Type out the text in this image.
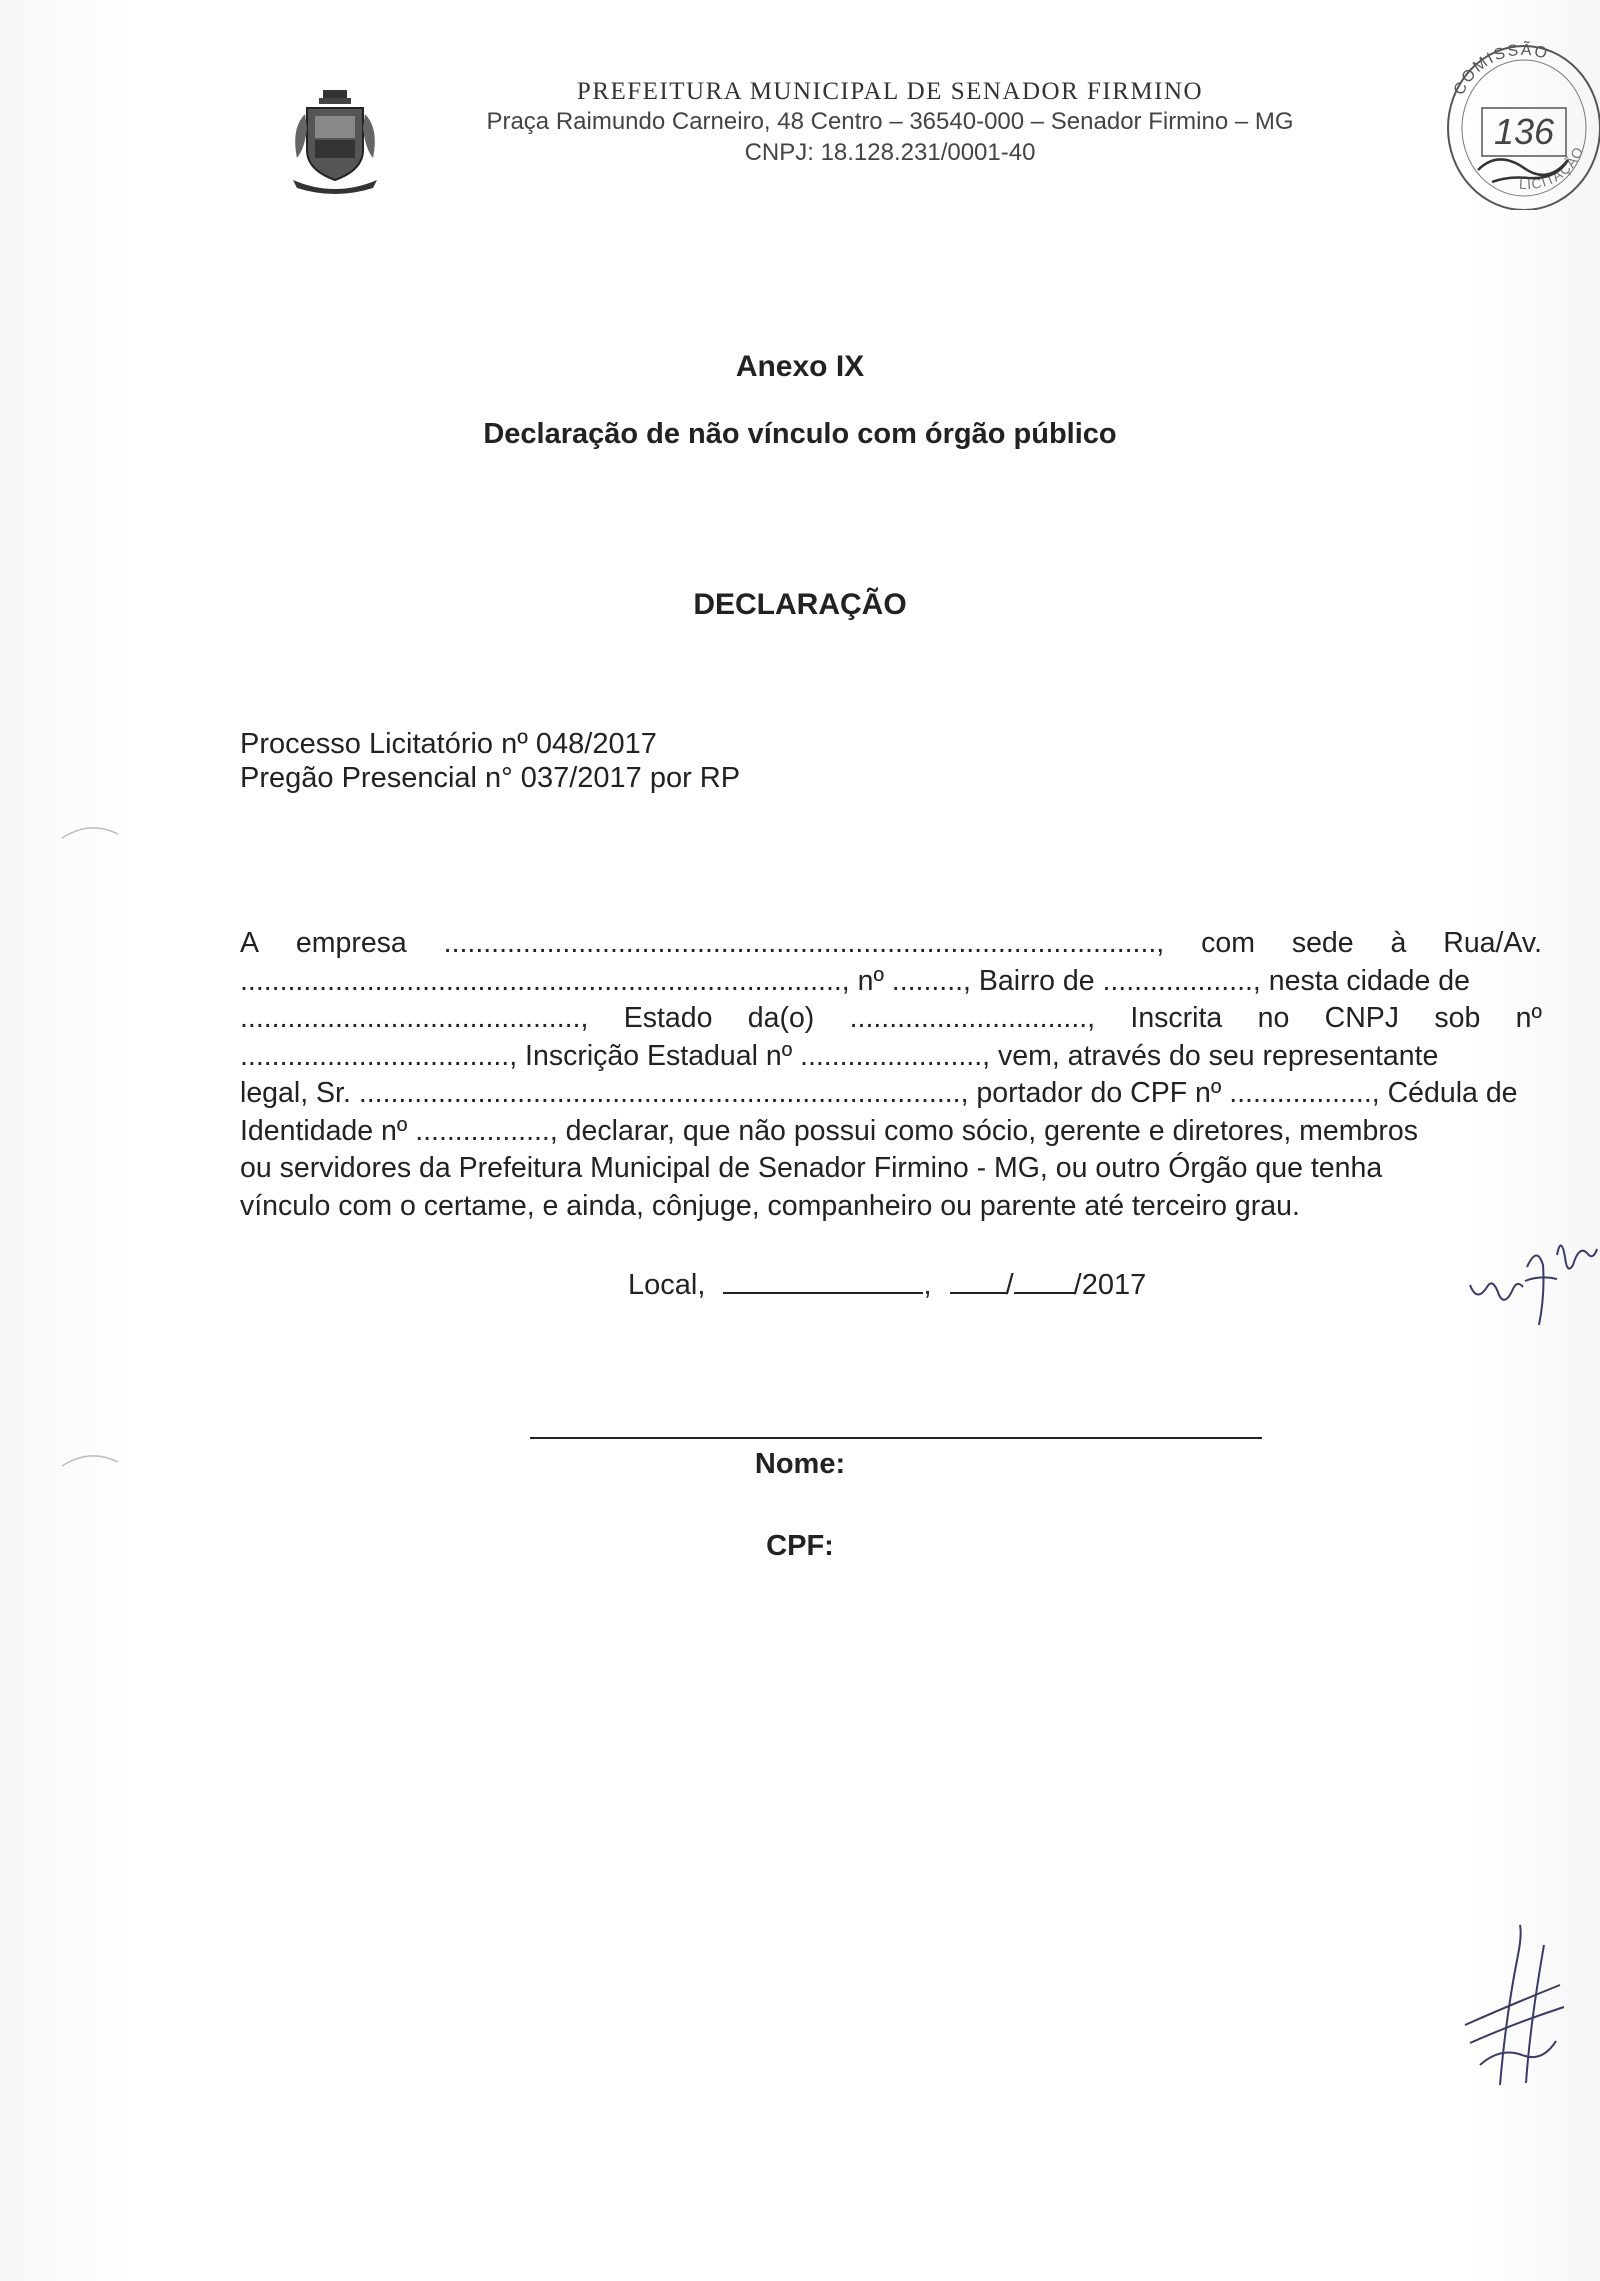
PREFEITURA MUNICIPAL DE SENADOR FIRMINO
Praça Raimundo Carneiro, 48 Centro – 36540-000 – Senador Firmino – MG
CNPJ: 18.128.231/0001-40
COMISSÃO
LICITAÇÃO
136
Anexo IX
Declaração de não vínculo com órgão público
DECLARAÇÃO
Processo Licitatório nº 048/2017
Pregão Presencial n° 037/2017 por RP
A empresa .........................................................................................., com sede à Rua/Av.
............................................................................, nº ........., Bairro de ..................., nesta cidade de
..........................................., Estado da(o) .............................., Inscrita no CNPJ sob nº
.................................., Inscrição Estadual nº ......................., vem, através do seu representante
legal, Sr. ............................................................................, portador do CPF nº .................., Cédula de
Identidade nº ................., declarar, que não possui como sócio, gerente e diretores, membros
ou servidores da Prefeitura Municipal de Senador Firmino - MG, ou outro Órgão que tenha
vínculo com o certame, e ainda, cônjuge, companheiro ou parente até terceiro grau.
Local,	,	/ /2017
Nome:
CPF:
